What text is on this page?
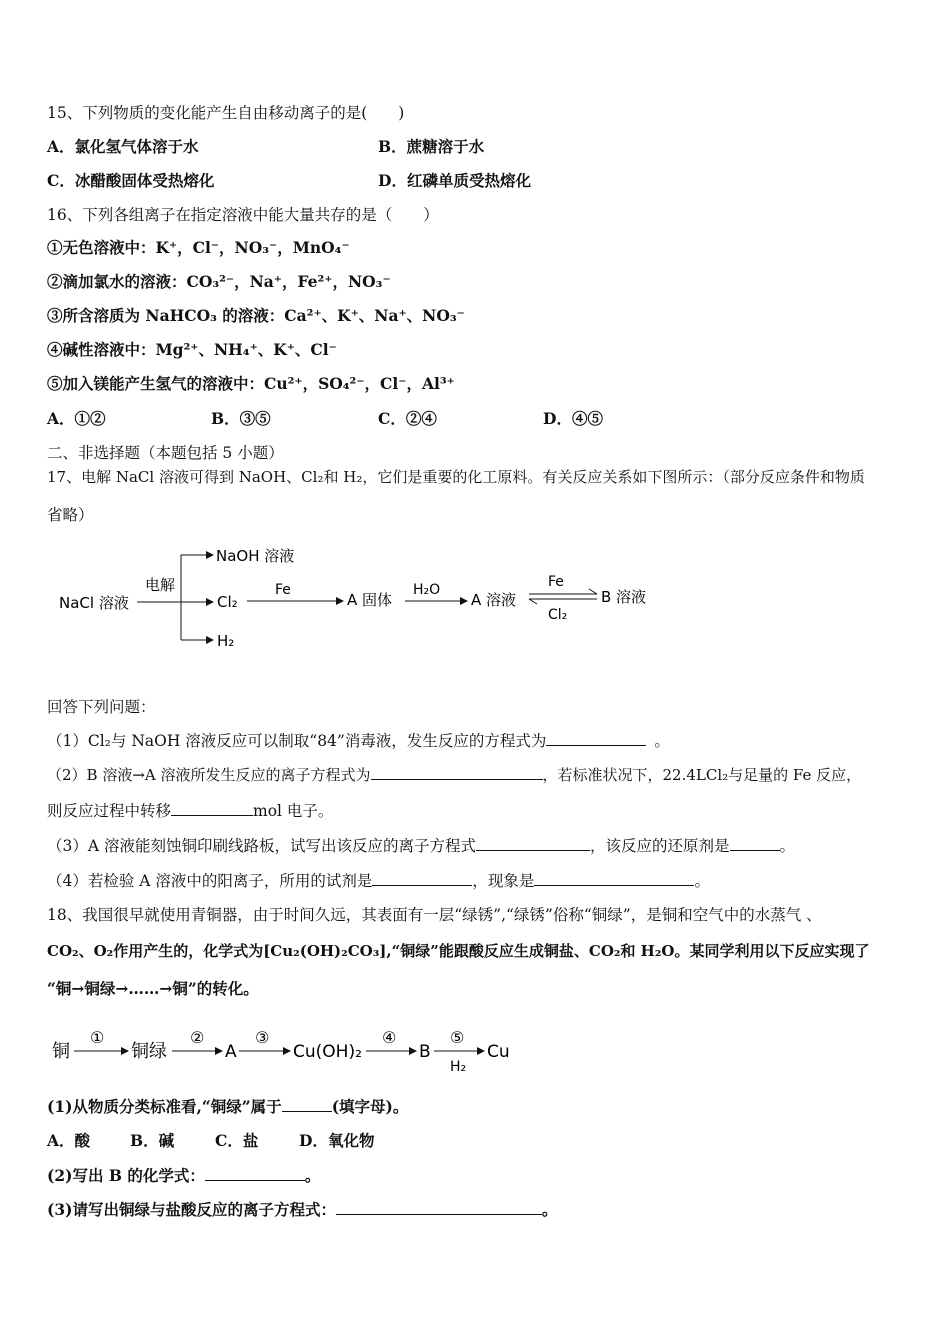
15、下列物质的变化能产生自由移动离子的是(　　)
A．氯化氢气体溶于水	B．蔗糖溶于水
C．冰醋酸固体受热熔化	D．红磷单质受热熔化
16、下列各组离子在指定溶液中能大量共存的是（　　）
①无色溶液中：K⁺，Cl⁻，NO₃⁻，MnO₄⁻
②滴加氯水的溶液：CO₃²⁻，Na⁺，Fe²⁺，NO₃⁻
③所含溶质为 NaHCO₃ 的溶液：Ca²⁺、K⁺、Na⁺、NO₃⁻
④碱性溶液中：Mg²⁺、NH₄⁺、K⁺、Cl⁻
⑤加入镁能产生氢气的溶液中：Cu²⁺，SO₄²⁻，Cl⁻，Al³⁺
A．①②	B．③⑤	C．②④	D．④⑤
二、非选择题（本题包括 5 小题）
17、电解 NaCl 溶液可得到 NaOH、Cl₂和 H₂，它们是重要的化工原料。有关反应关系如下图所示：（部分反应条件和物质
省略）
NaCl 溶液
电解
NaOH 溶液
Cl₂
H₂
Fe
A 固体
H₂O
A 溶液
Fe
Cl₂
B 溶液
回答下列问题：
（1）Cl₂与 NaOH 溶液反应可以制取“84”消毒液，发生反应的方程式为	。
（2）B 溶液→A 溶液所发生反应的离子方程式为	，若标准状况下，22.4LCl₂与足量的 Fe 反应，
则反应过程中转移	mol 电子。
（3）A 溶液能刻蚀铜印刷线路板，试写出该反应的离子方程式	，该反应的还原剂是	。
（4）若检验 A 溶液中的阳离子，所用的试剂是	，现象是	。
18、我国很早就使用青铜器，由于时间久远，其表面有一层“绿锈”,“绿锈”俗称“铜绿”，是铜和空气中的水蒸气 、
CO₂、O₂作用产生的，化学式为[Cu₂(OH)₂CO₃],“铜绿”能跟酸反应生成铜盐、CO₂和 H₂O。某同学利用以下反应实现了
“铜→铜绿→……→铜”的转化。
铜
①
铜绿
②
A
③
Cu(OH)₂
④
B
⑤
H₂
Cu
(1)从物质分类标准看,“铜绿”属于	(填字母)。
A．酸	B．碱	C．盐	D．氧化物
(2)写出 B 的化学式：	。
(3)请写出铜绿与盐酸反应的离子方程式：	。
